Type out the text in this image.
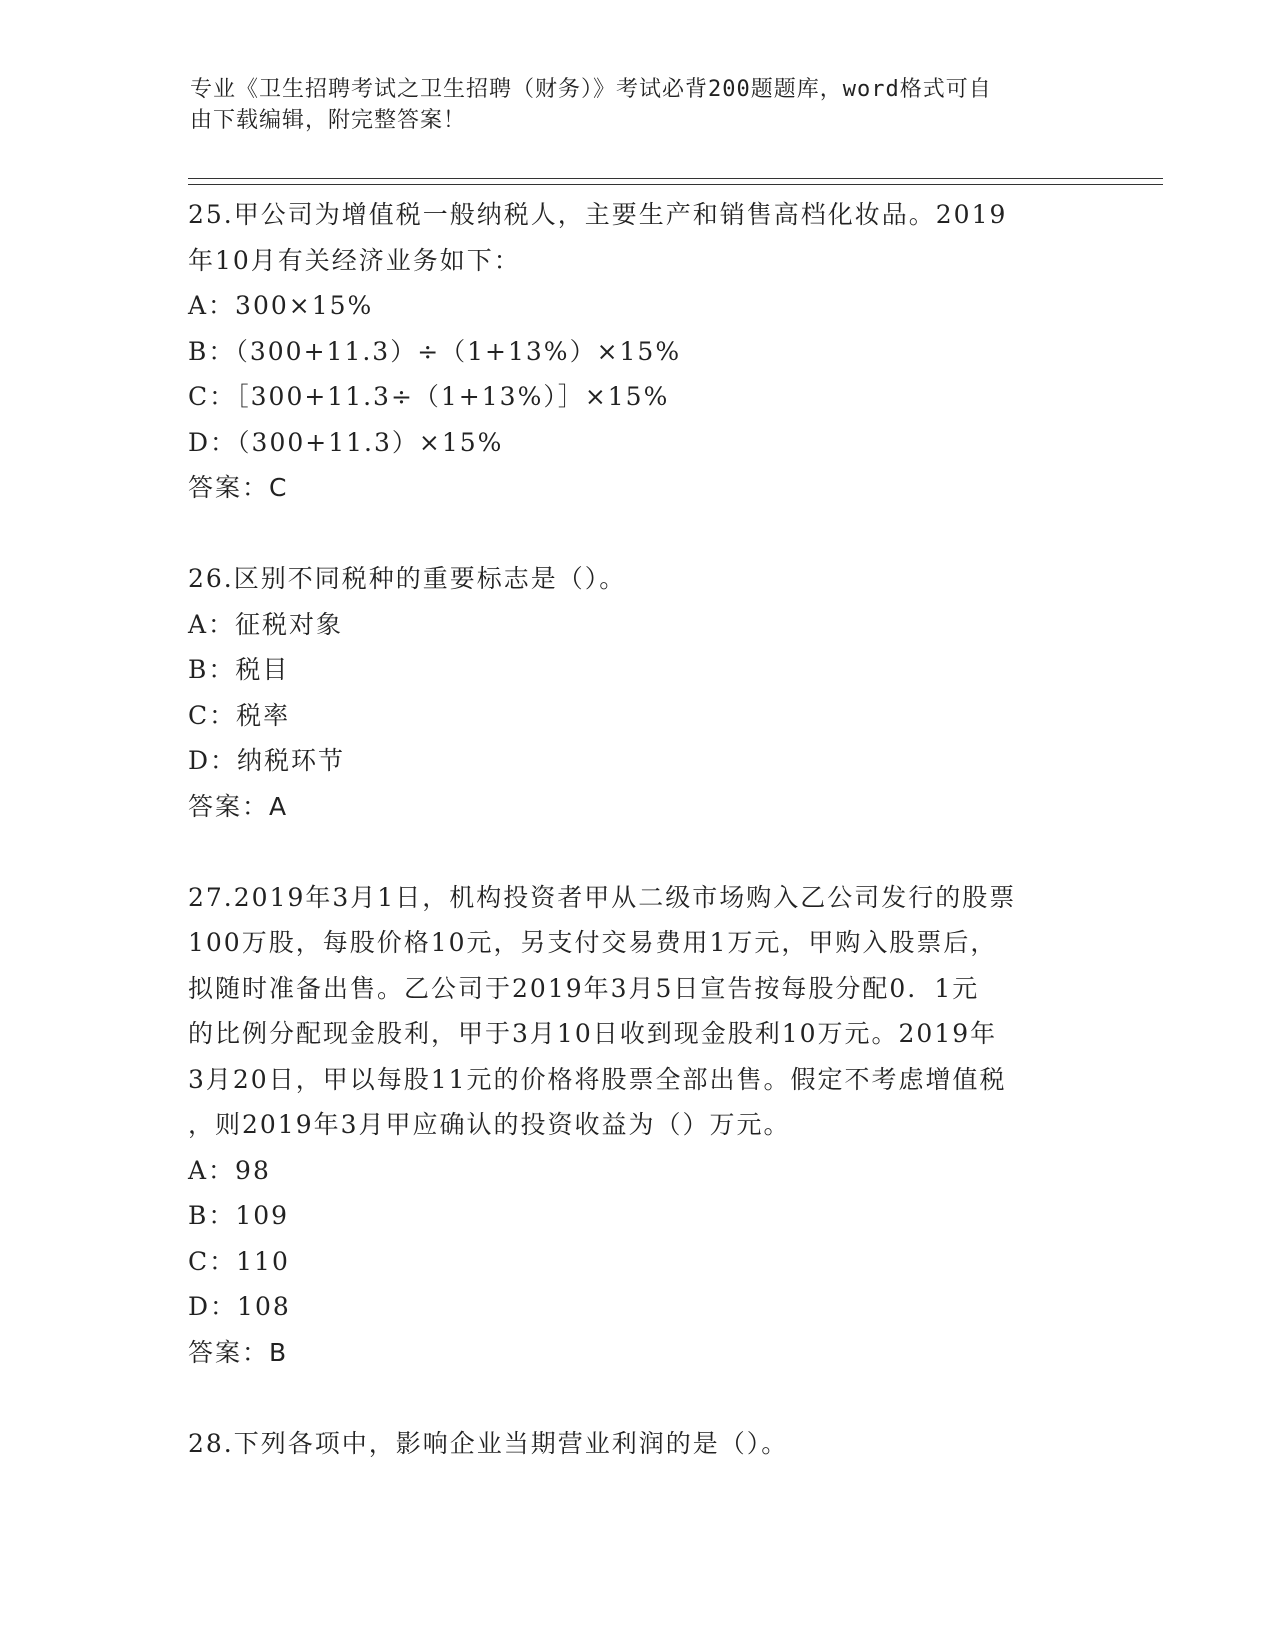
专业《卫生招聘考试之卫生招聘（财务）》考试必背200题题库，word格式可自
由下载编辑，附完整答案！

25.甲公司为增值税一般纳税人，主要生产和销售高档化妆品。2019

年10月有关经济业务如下：

A：300×15%

B：（300+11.3）÷（1+13%）×15%

C：［300+11.3÷（1+13%）］×15%

D：（300+11.3）×15%

答案：C

26.区别不同税种的重要标志是（）。

A：征税对象

B：税目

C：税率

D：纳税环节

答案：A

27.2019年3月1日，机构投资者甲从二级市场购入乙公司发行的股票

100万股，每股价格10元，另支付交易费用1万元，甲购入股票后，

拟随时准备出售。乙公司于2019年3月5日宣告按每股分配0．1元

的比例分配现金股利，甲于3月10日收到现金股利10万元。2019年

3月20日，甲以每股11元的价格将股票全部出售。假定不考虑增值税

，则2019年3月甲应确认的投资收益为（）万元。

A：98

B：109

C：110

D：108

答案：B

28.下列各项中，影响企业当期营业利润的是（）。
